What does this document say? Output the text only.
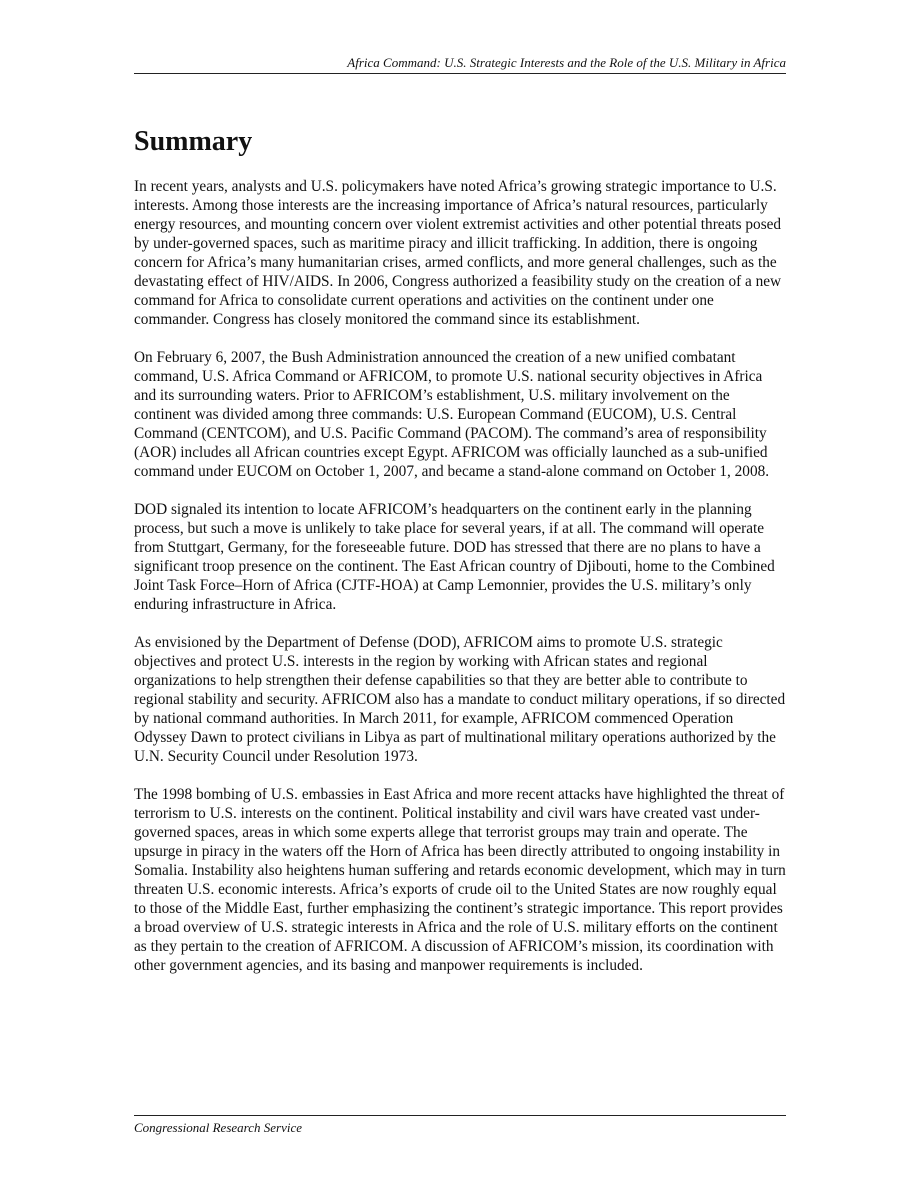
Africa Command: U.S. Strategic Interests and the Role of the U.S. Military in Africa
Summary

In recent years, analysts and U.S. policymakers have noted Africa’s growing strategic importance to U.S. interests. Among those interests are the increasing importance of Africa’s natural resources, particularly energy resources, and mounting concern over violent extremist activities and other potential threats posed by under-governed spaces, such as maritime piracy and illicit trafficking. In addition, there is ongoing concern for Africa’s many humanitarian crises, armed conflicts, and more general challenges, such as the devastating effect of HIV/AIDS. In 2006, Congress authorized a feasibility study on the creation of a new command for Africa to consolidate current operations and activities on the continent under one commander. Congress has closely monitored the command since its establishment.

On February 6, 2007, the Bush Administration announced the creation of a new unified combatant command, U.S. Africa Command or AFRICOM, to promote U.S. national security objectives in Africa and its surrounding waters. Prior to AFRICOM’s establishment, U.S. military involvement on the continent was divided among three commands: U.S. European Command (EUCOM), U.S. Central Command (CENTCOM), and U.S. Pacific Command (PACOM). The command’s area of responsibility (AOR) includes all African countries except Egypt. AFRICOM was officially launched as a sub-unified command under EUCOM on October 1, 2007, and became a stand-alone command on October 1, 2008.

DOD signaled its intention to locate AFRICOM’s headquarters on the continent early in the planning process, but such a move is unlikely to take place for several years, if at all. The command will operate from Stuttgart, Germany, for the foreseeable future. DOD has stressed that there are no plans to have a significant troop presence on the continent. The East African country of Djibouti, home to the Combined Joint Task Force–Horn of Africa (CJTF-HOA) at Camp Lemonnier, provides the U.S. military’s only enduring infrastructure in Africa.

As envisioned by the Department of Defense (DOD), AFRICOM aims to promote U.S. strategic objectives and protect U.S. interests in the region by working with African states and regional organizations to help strengthen their defense capabilities so that they are better able to contribute to regional stability and security. AFRICOM also has a mandate to conduct military operations, if so directed by national command authorities. In March 2011, for example, AFRICOM commenced Operation Odyssey Dawn to protect civilians in Libya as part of multinational military operations authorized by the U.N. Security Council under Resolution 1973.

The 1998 bombing of U.S. embassies in East Africa and more recent attacks have highlighted the threat of terrorism to U.S. interests on the continent. Political instability and civil wars have created vast under-governed spaces, areas in which some experts allege that terrorist groups may train and operate. The upsurge in piracy in the waters off the Horn of Africa has been directly attributed to ongoing instability in Somalia. Instability also heightens human suffering and retards economic development, which may in turn threaten U.S. economic interests. Africa’s exports of crude oil to the United States are now roughly equal to those of the Middle East, further emphasizing the continent’s strategic importance. This report provides a broad overview of U.S. strategic interests in Africa and the role of U.S. military efforts on the continent as they pertain to the creation of AFRICOM. A discussion of AFRICOM’s mission, its coordination with other government agencies, and its basing and manpower requirements is included.

Congressional Research Service
